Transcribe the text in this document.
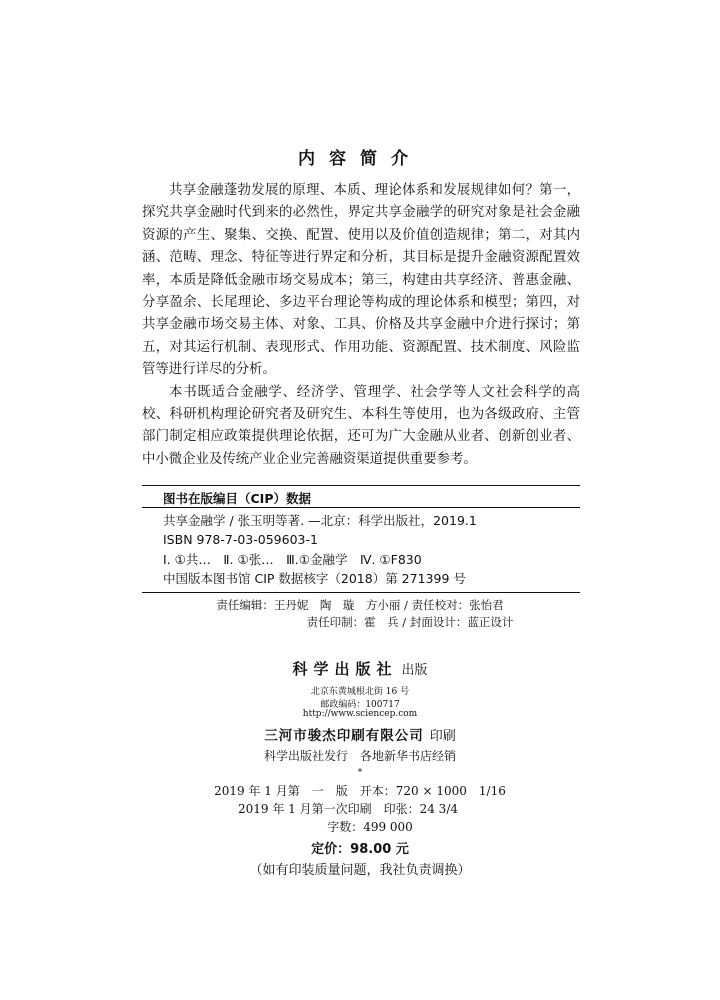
内容简介

共享金融蓬勃发展的原理、本质、理论体系和发展规律如何？第一，探究共享金融时代到来的必然性，界定共享金融学的研究对象是社会金融资源的产生、聚集、交换、配置、使用以及价值创造规律；第二，对其内涵、范畴、理念、特征等进行界定和分析，其目标是提升金融资源配置效率，本质是降低金融市场交易成本；第三，构建由共享经济、普惠金融、分享盈余、长尾理论、多边平台理论等构成的理论体系和模型；第四，对共享金融市场交易主体、对象、工具、价格及共享金融中介进行探讨；第五，对其运行机制、表现形式、作用功能、资源配置、技术制度、风险监管等进行详尽的分析。

本书既适合金融学、经济学、管理学、社会学等人文社会科学的高校、科研机构理论研究者及研究生、本科生等使用，也为各级政府、主管部门制定相应政策提供理论依据，还可为广大金融从业者、创新创业者、中小微企业及传统产业企业完善融资渠道提供重要参考。

图书在版编目（CIP）数据
共享金融学 / 张玉明等著. —北京：科学出版社，2019.1
ISBN 978-7-03-059603-1
Ⅰ. ①共…　Ⅱ. ①张…　Ⅲ.①金融学　Ⅳ. ①F830
中国版本图书馆 CIP 数据核字（2018）第 271399 号
责任编辑：王丹妮　陶　璇　方小丽 / 责任校对：张怡君
责任印制：霍　兵 / 封面设计：蓝正设计
科学出版社 出版
北京东黄城根北街 16 号
邮政编码：100717
http://www.sciencep.com
三河市骏杰印刷有限公司 印刷
科学出版社发行　各地新华书店经销
*
2019 年 1 月第　一　版　开本：720 × 1000　1/16
2019 年 1 月第一次印刷　印张：24 3/4
字数：499 000
定价：98.00 元
（如有印装质量问题，我社负责调换）
